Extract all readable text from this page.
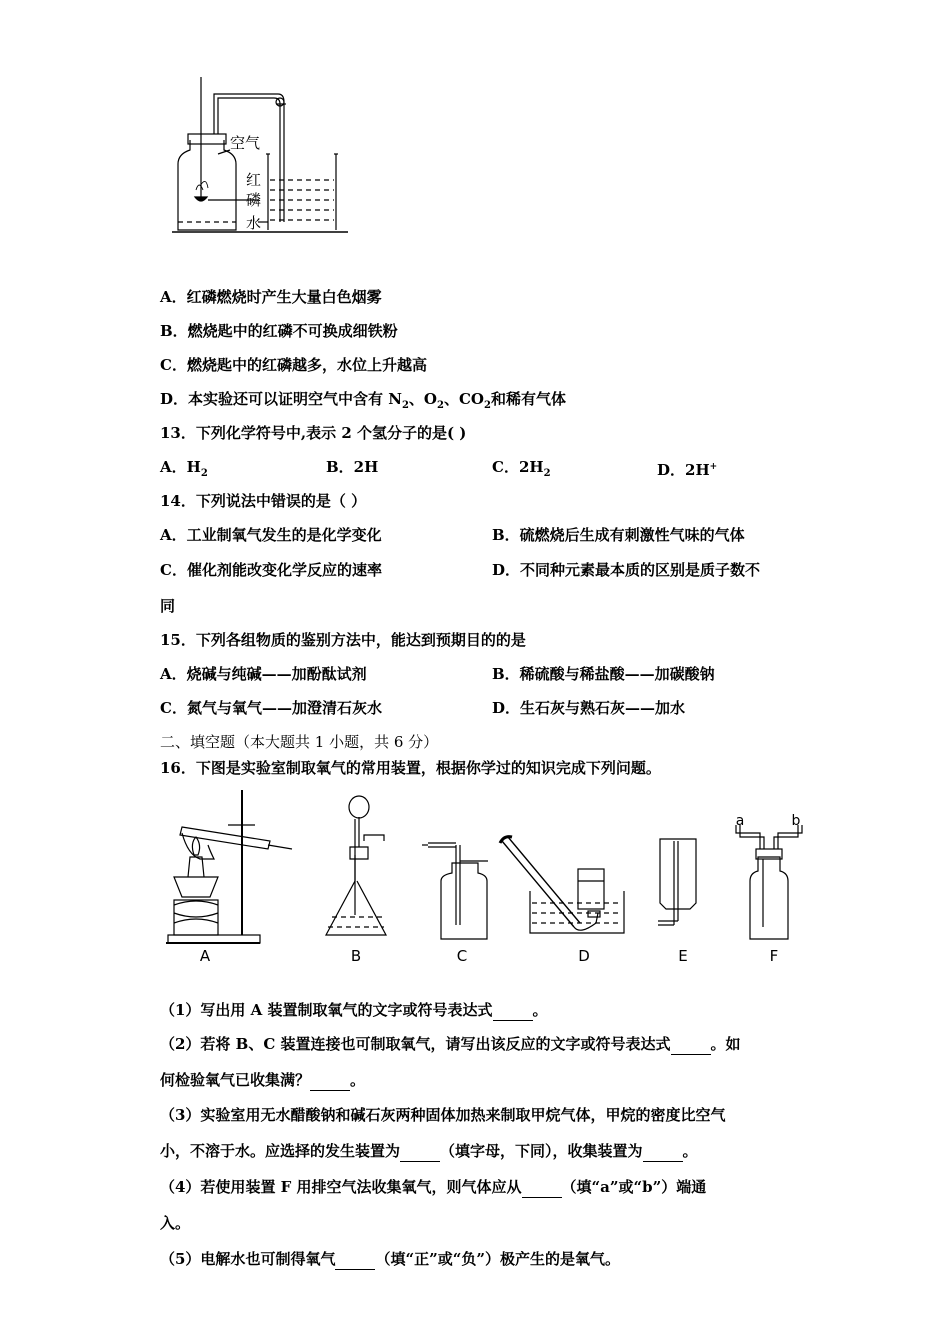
空气
红
磷
水
A．红磷燃烧时产生大量白色烟雾
B．燃烧匙中的红磷不可换成细铁粉
C．燃烧匙中的红磷越多，水位上升越高
D．本实验还可以证明空气中含有 $N_2$、$O_2$、$CO_2$和稀有气体
13．下列化学符号中,表示 2 个氢分子的是( )
A．$H_2$	B．2H	C．$2H_2$	D．2H+
14．下列说法中错误的是（ ）
A．工业制氧气发生的是化学变化	B．硫燃烧后生成有刺激性气味的气体
C．催化剂能改变化学反应的速率	D．不同种元素最本质的区别是质子数不
同
15．下列各组物质的鉴别方法中，能达到预期目的的是
A．烧碱与纯碱——加酚酞试剂	B．稀硫酸与稀盐酸——加碳酸钠
C．氮气与氧气——加澄清石灰水	D．生石灰与熟石灰——加水
二、填空题（本大题共 1 小题，共 6 分）
16．下图是实验室制取氧气的常用装置，根据你学过的知识完成下列问题。
A	B	C	D	E	F
a	b
（1）写出用 A 装置制取氧气的文字或符号表达式	。
（2）若将 B、C 装置连接也可制取氧气，请写出该反应的文字或符号表达式	。如
何检验氧气已收集满？	。
（3）实验室用无水醋酸钠和碱石灰两种固体加热来制取甲烷气体，甲烷的密度比空气
小，不溶于水。应选择的发生装置为	（填字母，下同），收集装置为	。
（4）若使用装置 F 用排空气法收集氧气，则气体应从	（填“a”或“b”）端通
入。
（5）电解水也可制得氧气	（填“正”或“负”）极产生的是氧气。
